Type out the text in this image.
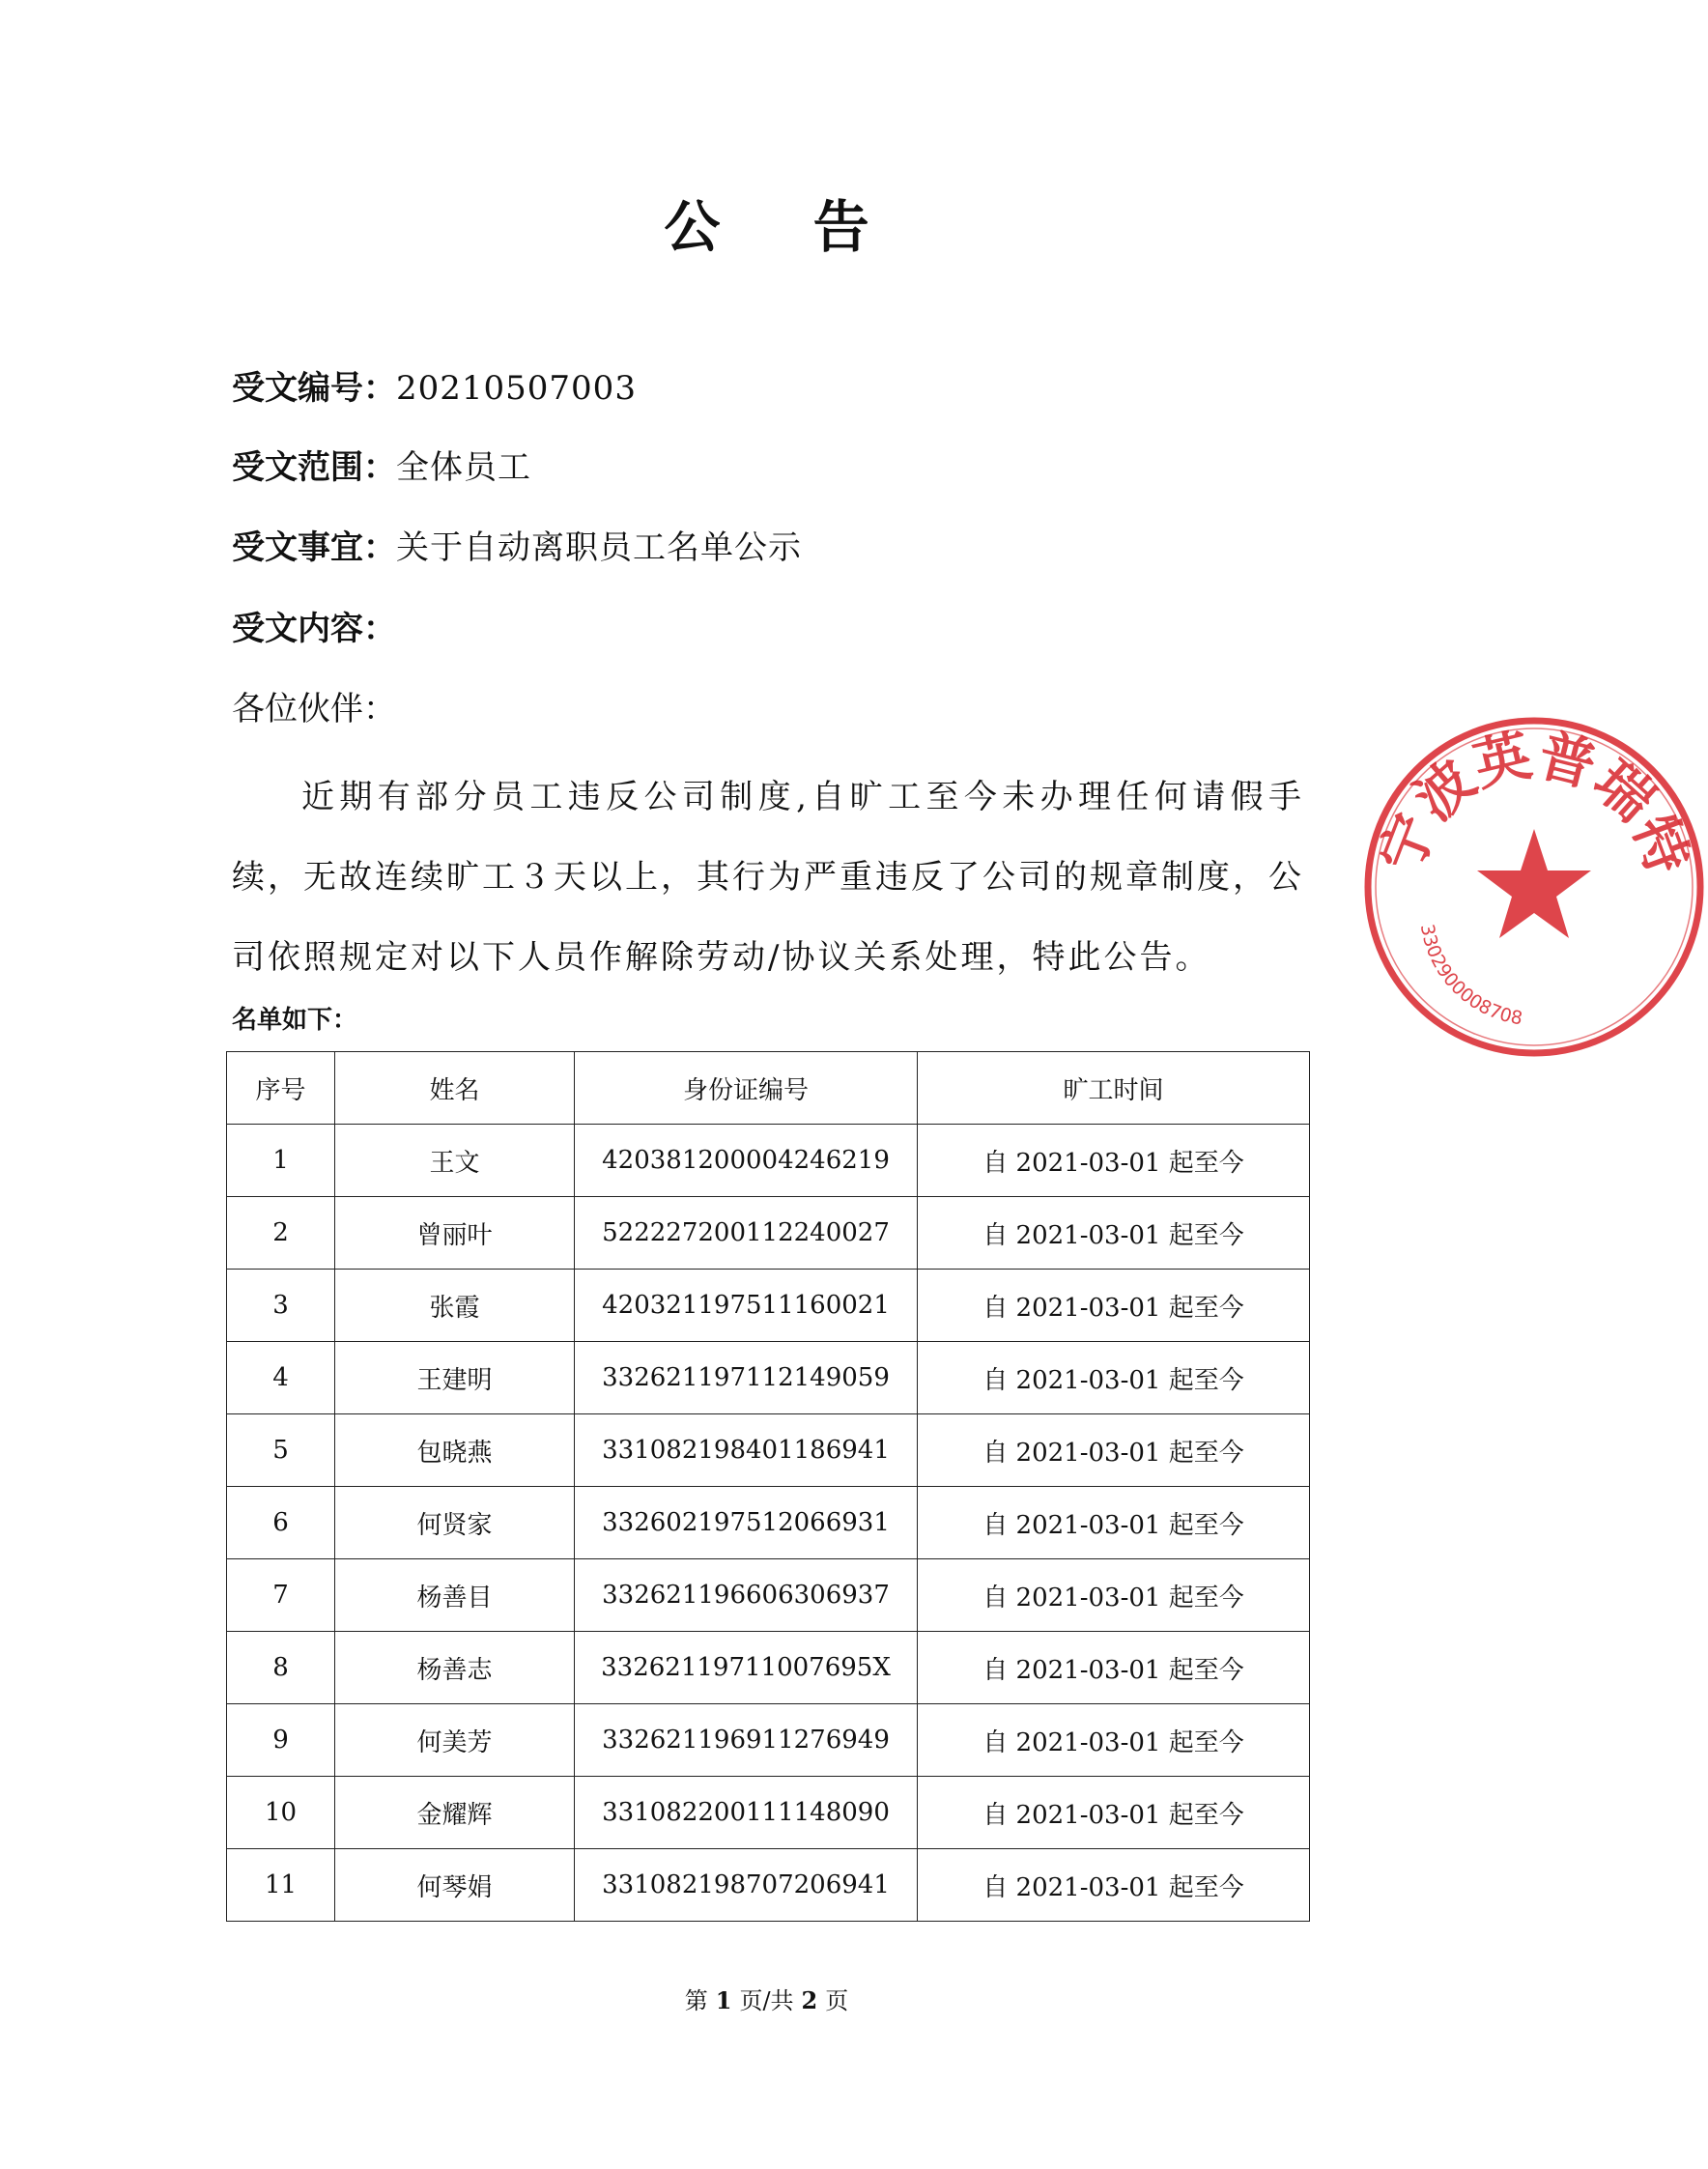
公 告
受文编号：20210507003
受文范围：全体员工
受文事宜：关于自动离职员工名单公示
受文内容：
各位伙伴：
近期有部分员工违反公司制度,自旷工至今未办理任何请假手续，无故连续旷工３天以上，其行为严重违反了公司的规章制度，公司依照规定对以下人员作解除劳动/协议关系处理，特此公告。
名单如下：
序号	姓名	身份证编号	旷工时间
1	王文	420381200004246219	自 2021-03-01 起至今
2	曾丽叶	522227200112240027	自 2021-03-01 起至今
3	张霞	420321197511160021	自 2021-03-01 起至今
4	王建明	332621197112149059	自 2021-03-01 起至今
5	包晓燕	331082198401186941	自 2021-03-01 起至今
6	何贤家	332602197512066931	自 2021-03-01 起至今
7	杨善目	332621196606306937	自 2021-03-01 起至今
8	杨善志	33262119711007695X	自 2021-03-01 起至今
9	何美芳	332621196911276949	自 2021-03-01 起至今
10	金耀辉	331082200111148090	自 2021-03-01 起至今
11	何琴娟	331082198707206941	自 2021-03-01 起至今
第 1 页/共 2 页
宁波英普瑞特
3302900008708
